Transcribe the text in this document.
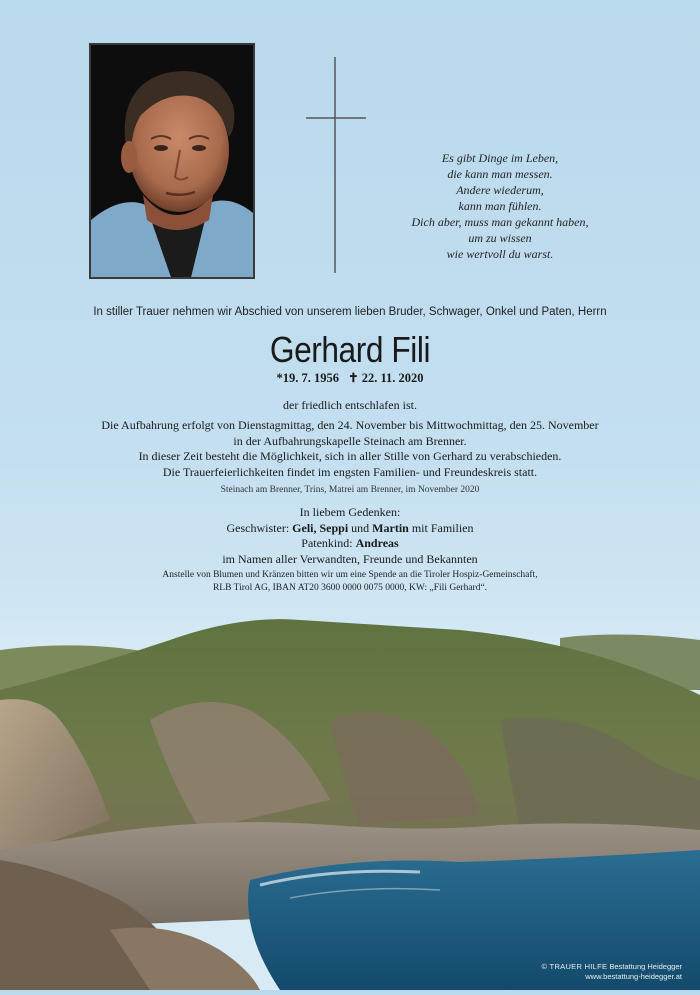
Es gibt Dinge im Leben,
die kann man messen.
Andere wiederum,
kann man fühlen.
Dich aber, muss man gekannt haben,
um zu wissen
wie wertvoll du warst.
In stiller Trauer nehmen wir Abschied von unserem lieben Bruder, Schwager, Onkel und Paten, Herrn
Gerhard Fili
*19. 7. 1956 ✝ 22. 11. 2020
der friedlich entschlafen ist.
Die Aufbahrung erfolgt von Dienstagmittag, den 24. November bis Mittwochmittag, den 25. November
in der Aufbahrungskapelle Steinach am Brenner.
In dieser Zeit besteht die Möglichkeit, sich in aller Stille von Gerhard zu verabschieden.
Die Trauerfeierlichkeiten findet im engsten Familien- und Freundeskreis statt.
Steinach am Brenner, Trins, Matrei am Brenner, im November 2020
In liebem Gedenken:
Geschwister: Geli, Seppi und Martin mit Familien
Patenkind: Andreas
im Namen aller Verwandten, Freunde und Bekannten
Anstelle von Blumen und Kränzen bitten wir um eine Spende an die Tiroler Hospiz-Gemeinschaft,
RLB Tirol AG, IBAN AT20 3600 0000 0075 0000, KW: „Fili Gerhard“.
© TRAUER HILFE Bestattung Heidegger
www.bestattung-heidegger.at
